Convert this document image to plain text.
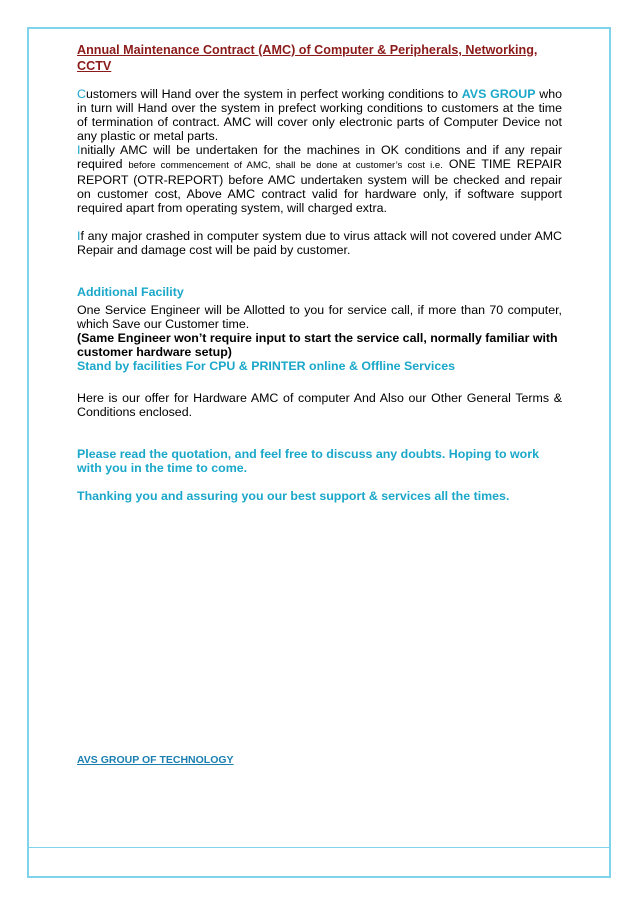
Annual Maintenance Contract (AMC) of Computer & Peripherals, Networking, CCTV

Customers will Hand over the system in perfect working conditions to AVS GROUP who in turn will Hand over the system in prefect working conditions to customers at the time of termination of contract. AMC will cover only electronic parts of Computer Device not any plastic or metal parts.

Initially AMC will be undertaken for the machines in OK conditions and if any repair required before commencement of AMC, shall be done at customer’s cost i.e. ONE TIME REPAIR REPORT (OTR-REPORT) before AMC undertaken system will be checked and repair on customer cost, Above AMC contract valid for hardware only, if software support required apart from operating system, will charged extra.

If any major crashed in computer system due to virus attack will not covered under AMC Repair and damage cost will be paid by customer.

Additional Facility

One Service Engineer will be Allotted to you for service call, if more than 70 computer, which Save our Customer time.

(Same Engineer won’t require input to start the service call, normally familiar with customer hardware setup)

Stand by facilities For CPU & PRINTER online & Offline Services

Here is our offer for Hardware AMC of computer And Also our Other General Terms & Conditions enclosed.

Please read the quotation, and feel free to discuss any doubts. Hoping to work with you in the time to come.

Thanking you and assuring you our best support & services all the times.

AVS GROUP OF TECHNOLOGY
